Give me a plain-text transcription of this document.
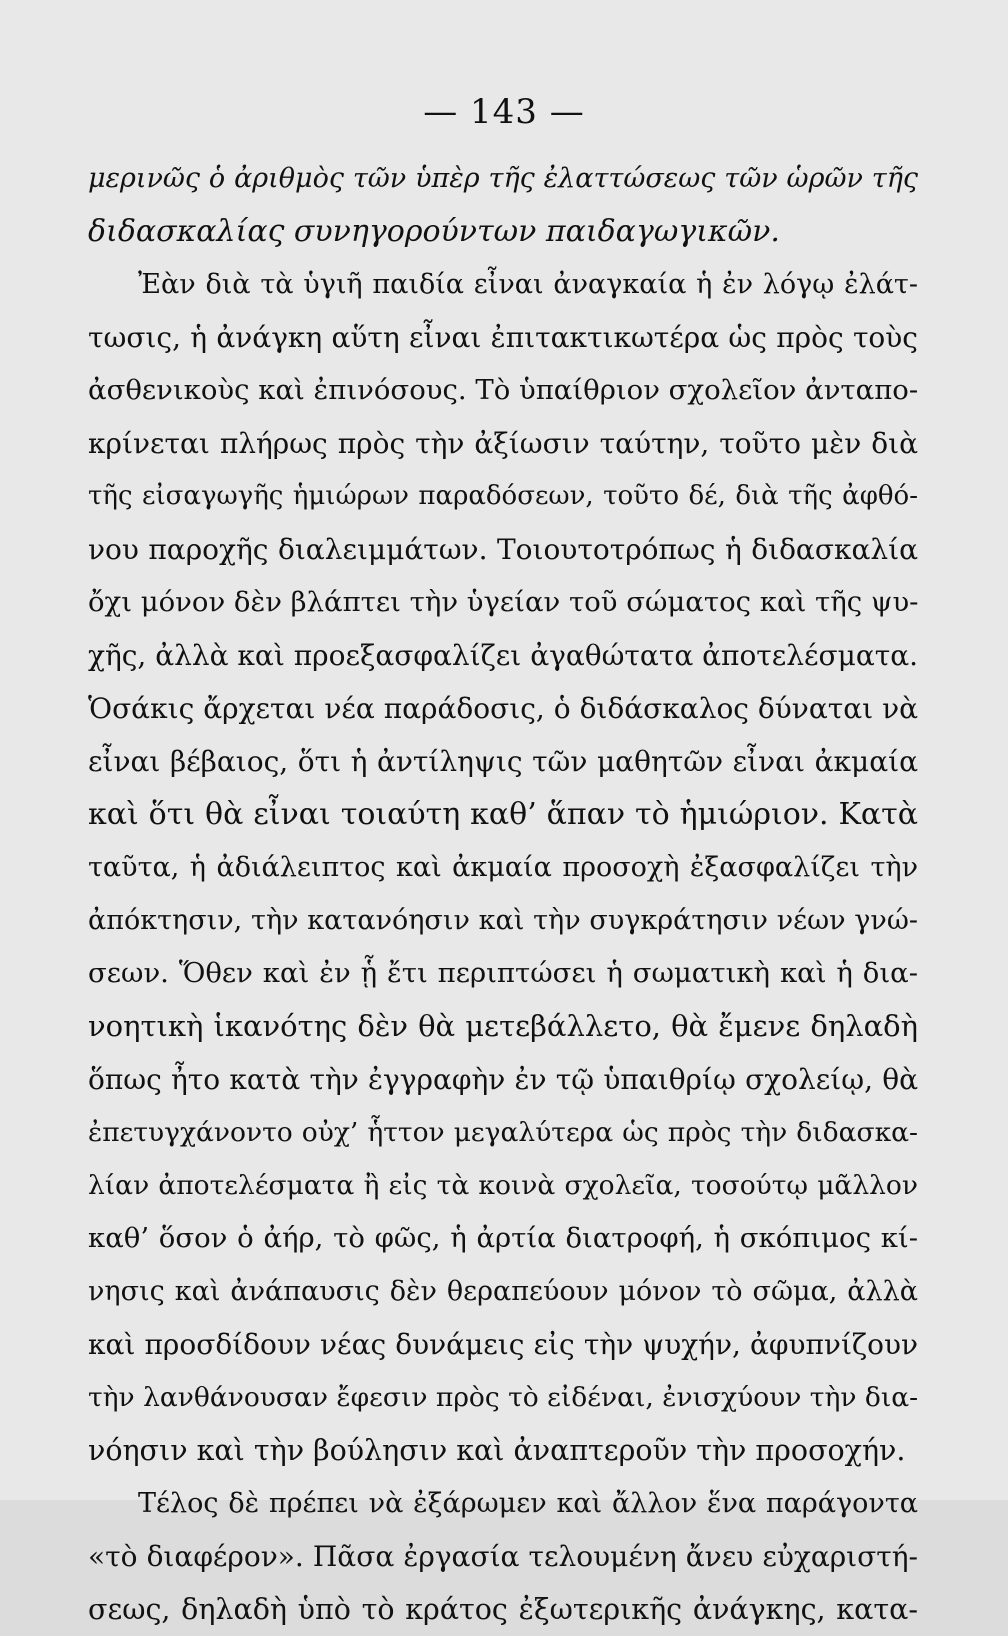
— 143 —
μερινῶς ὁ ἀριθμὸς τῶν ὑπὲρ τῆς ἐλαττώσεως τῶν ὡρῶν τῆς
διδασκαλίας συνηγορούντων παιδαγωγικῶν.
Ἐὰν διὰ τὰ ὑγιῆ παιδία εἶναι ἀναγκαία ἡ ἐν λόγῳ ἐλάτ-
τωσις, ἡ ἀνάγκη αὕτη εἶναι ἐπιτακτικωτέρα ὡς πρὸς τοὺς
ἀσθενικοὺς καὶ ἐπινόσους. Τὸ ὑπαίθριον σχολεῖον ἀνταπο-
κρίνεται πλήρως πρὸς τὴν ἀξίωσιν ταύτην, τοῦτο μὲν διὰ
τῆς εἰσαγωγῆς ἡμιώρων παραδόσεων, τοῦτο δέ, διὰ τῆς ἀφθό-
νου παροχῆς διαλειμμάτων. Τοιουτοτρόπως ἡ διδασκαλία
ὄχι μόνον δὲν βλάπτει τὴν ὑγείαν τοῦ σώματος καὶ τῆς ψυ-
χῆς, ἀλλὰ καὶ προεξασφαλίζει ἀγαθώτατα ἀποτελέσματα.
Ὁσάκις ἄρχεται νέα παράδοσις, ὁ διδάσκαλος δύναται νὰ
εἶναι βέβαιος, ὅτι ἡ ἀντίληψις τῶν μαθητῶν εἶναι ἀκμαία
καὶ ὅτι θὰ εἶναι τοιαύτη καθ’ ἅπαν τὸ ἡμιώριον. Κατὰ
ταῦτα, ἡ ἀδιάλειπτος καὶ ἀκμαία προσοχὴ ἐξασφαλίζει τὴν
ἀπόκτησιν, τὴν κατανόησιν καὶ τὴν συγκράτησιν νέων γνώ-
σεων. Ὅθεν καὶ ἐν ᾗ ἔτι περιπτώσει ἡ σωματικὴ καὶ ἡ δια-
νοητικὴ ἱκανότης δὲν θὰ μετεβάλλετο, θὰ ἔμενε δηλαδὴ
ὅπως ἦτο κατὰ τὴν ἐγγραφὴν ἐν τῷ ὑπαιθρίῳ σχολείῳ, θὰ
ἐπετυγχάνοντο οὐχ’ ἧττον μεγαλύτερα ὡς πρὸς τὴν διδασκα-
λίαν ἀποτελέσματα ἢ εἰς τὰ κοινὰ σχολεῖα, τοσούτῳ μᾶλλον
καθ’ ὅσον ὁ ἀήρ, τὸ φῶς, ἡ ἀρτία διατροφή, ἡ σκόπιμος κί-
νησις καὶ ἀνάπαυσις δὲν θεραπεύουν μόνον τὸ σῶμα, ἀλλὰ
καὶ προσδίδουν νέας δυνάμεις εἰς τὴν ψυχήν, ἀφυπνίζουν
τὴν λανθάνουσαν ἔφεσιν πρὸς τὸ εἰδέναι, ἐνισχύουν τὴν δια-
νόησιν καὶ τὴν βούλησιν καὶ ἀναπτεροῦν τὴν προσοχήν.
Τέλος δὲ πρέπει νὰ ἐξάρωμεν καὶ ἄλλον ἕνα παράγοντα
«τὸ διαφέρον». Πᾶσα ἐργασία τελουμένη ἄνευ εὐχαριστή-
σεως, δηλαδὴ ὑπὸ τὸ κράτος ἐξωτερικῆς ἀνάγκης, κατα-
